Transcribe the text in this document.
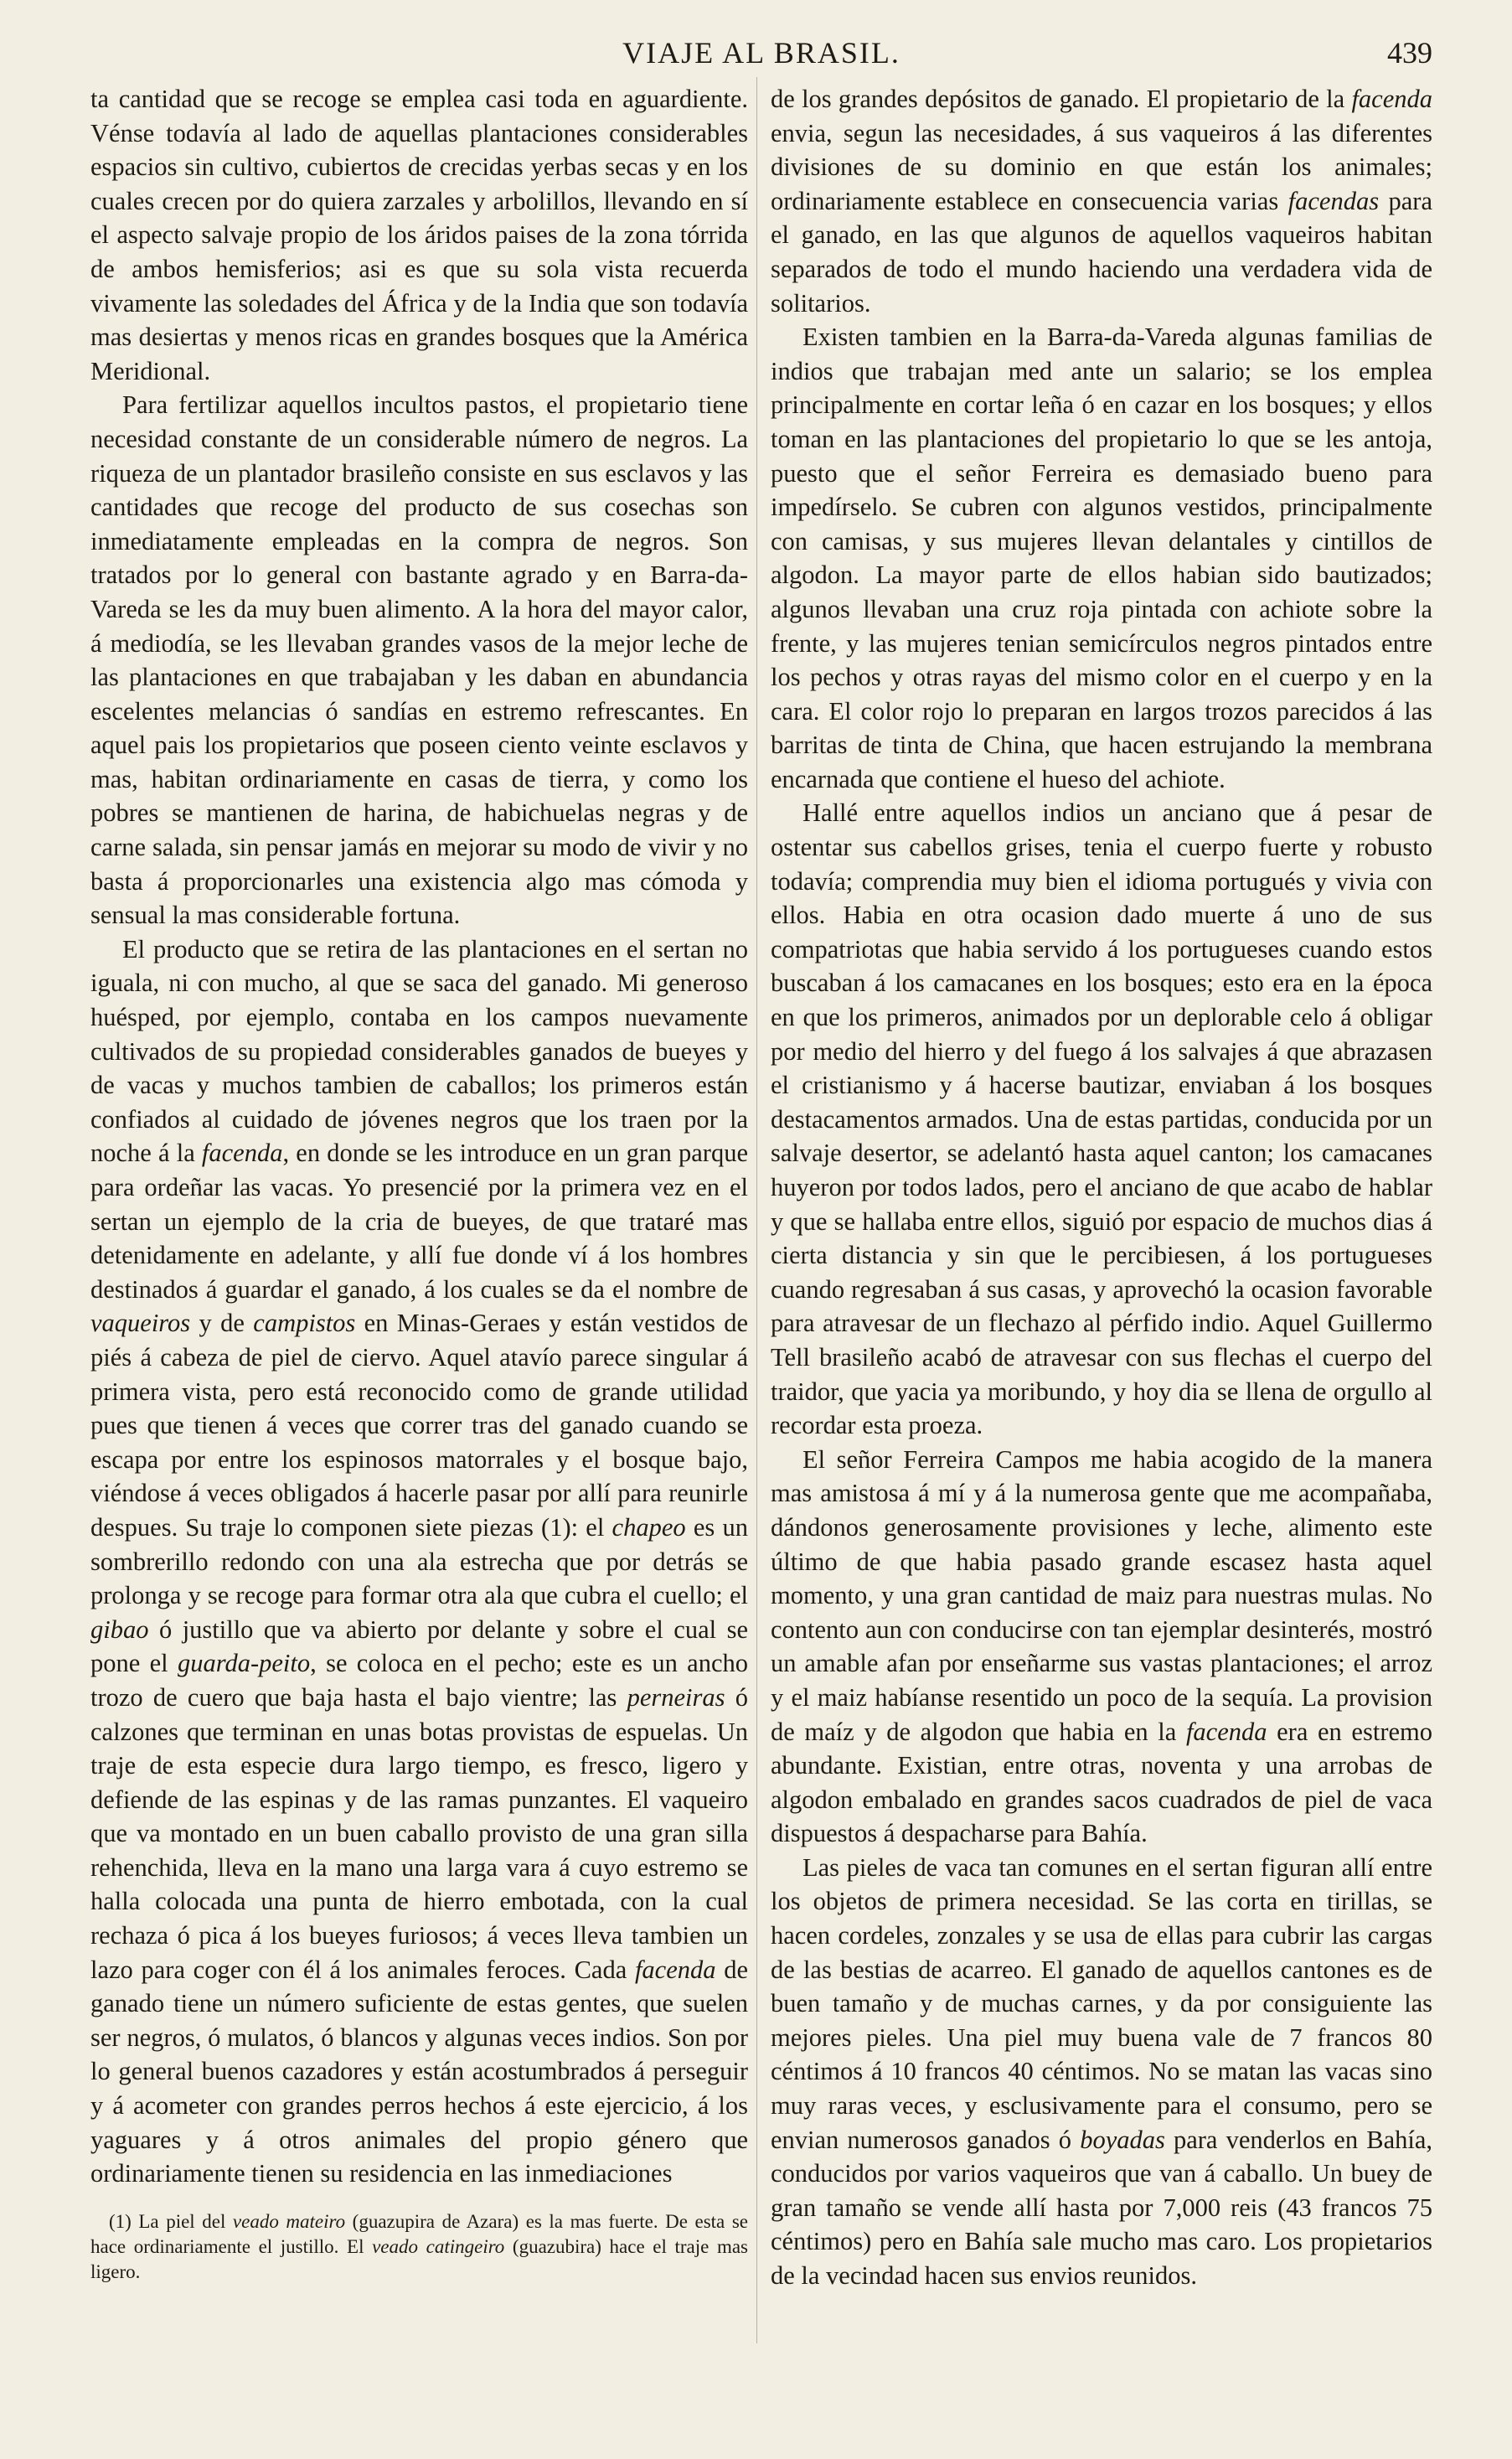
VIAJE AL BRASIL.	439

ta cantidad que se recoge se emplea casi toda en aguardiente. Vénse todavía al lado de aquellas plantaciones considerables espacios sin cultivo, cubiertos de crecidas yerbas secas y en los cuales crecen por do quiera zarzales y arbolillos, llevando en sí el aspecto salvaje propio de los áridos paises de la zona tórrida de ambos hemisferios; asi es que su sola vista recuerda vivamente las soledades del África y de la India que son todavía mas desiertas y menos ricas en grandes bosques que la América Meridional.

Para fertilizar aquellos incultos pastos, el propietario tiene necesidad constante de un considerable número de negros. La riqueza de un plantador brasileño consiste en sus esclavos y las cantidades que recoge del producto de sus cosechas son inmediatamente empleadas en la compra de negros. Son tratados por lo general con bastante agrado y en Barra-da-Vareda se les da muy buen alimento. A la hora del mayor calor, á mediodía, se les llevaban grandes vasos de la mejor leche de las plantaciones en que trabajaban y les daban en abundancia escelentes melancias ó sandías en estremo refrescantes. En aquel pais los propietarios que poseen ciento veinte esclavos y mas, habitan ordinariamente en casas de tierra, y como los pobres se mantienen de harina, de habichuelas negras y de carne salada, sin pensar jamás en mejorar su modo de vivir y no basta á proporcionarles una existencia algo mas cómoda y sensual la mas considerable fortuna.

El producto que se retira de las plantaciones en el sertan no iguala, ni con mucho, al que se saca del ganado. Mi generoso huésped, por ejemplo, contaba en los campos nuevamente cultivados de su propiedad considerables ganados de bueyes y de vacas y muchos tambien de caballos; los primeros están confiados al cuidado de jóvenes negros que los traen por la noche á la facenda, en donde se les introduce en un gran parque para ordeñar las vacas. Yo presencié por la primera vez en el sertan un ejemplo de la cria de bueyes, de que trataré mas detenidamente en adelante, y allí fue donde ví á los hombres destinados á guardar el ganado, á los cuales se da el nombre de vaqueiros y de campistos en Minas-Geraes y están vestidos de piés á cabeza de piel de ciervo. Aquel atavío parece singular á primera vista, pero está reconocido como de grande utilidad pues que tienen á veces que correr tras del ganado cuando se escapa por entre los espinosos matorrales y el bosque bajo, viéndose á veces obligados á hacerle pasar por allí para reunirle despues. Su traje lo componen siete piezas (1): el chapeo es un sombrerillo redondo con una ala estrecha que por detrás se prolonga y se recoge para formar otra ala que cubra el cuello; el gibao ó justillo que va abierto por delante y sobre el cual se pone el guarda-peito, se coloca en el pecho; este es un ancho trozo de cuero que baja hasta el bajo vientre; las perneiras ó calzones que terminan en unas botas provistas de espuelas. Un traje de esta especie dura largo tiempo, es fresco, ligero y defiende de las espinas y de las ramas punzantes. El vaqueiro que va montado en un buen caballo provisto de una gran silla rehenchida, lleva en la mano una larga vara á cuyo estremo se halla colocada una punta de hierro embotada, con la cual rechaza ó pica á los bueyes furiosos; á veces lleva tambien un lazo para coger con él á los animales feroces. Cada facenda de ganado tiene un número suficiente de estas gentes, que suelen ser negros, ó mulatos, ó blancos y algunas veces indios. Son por lo general buenos cazadores y están acostumbrados á perseguir y á acometer con grandes perros hechos á este ejercicio, á los yaguares y á otros animales del propio género que ordinariamente tienen su residencia en las inmediaciones

(1) La piel del veado mateiro (guazupira de Azara) es la mas fuerte. De esta se hace ordinariamente el justillo. El veado catingeiro (guazubira) hace el traje mas ligero.

de los grandes depósitos de ganado. El propietario de la facenda envia, segun las necesidades, á sus vaqueiros á las diferentes divisiones de su dominio en que están los animales; ordinariamente establece en consecuencia varias facendas para el ganado, en las que algunos de aquellos vaqueiros habitan separados de todo el mundo haciendo una verdadera vida de solitarios.

Existen tambien en la Barra-da-Vareda algunas familias de indios que trabajan med ante un salario; se los emplea principalmente en cortar leña ó en cazar en los bosques; y ellos toman en las plantaciones del propietario lo que se les antoja, puesto que el señor Ferreira es demasiado bueno para impedírselo. Se cubren con algunos vestidos, principalmente con camisas, y sus mujeres llevan delantales y cintillos de algodon. La mayor parte de ellos habian sido bautizados; algunos llevaban una cruz roja pintada con achiote sobre la frente, y las mujeres tenian semicírculos negros pintados entre los pechos y otras rayas del mismo color en el cuerpo y en la cara. El color rojo lo preparan en largos trozos parecidos á las barritas de tinta de China, que hacen estrujando la membrana encarnada que contiene el hueso del achiote.

Hallé entre aquellos indios un anciano que á pesar de ostentar sus cabellos grises, tenia el cuerpo fuerte y robusto todavía; comprendia muy bien el idioma portugués y vivia con ellos. Habia en otra ocasion dado muerte á uno de sus compatriotas que habia servido á los portugueses cuando estos buscaban á los camacanes en los bosques; esto era en la época en que los primeros, animados por un deplorable celo á obligar por medio del hierro y del fuego á los salvajes á que abrazasen el cristianismo y á hacerse bautizar, enviaban á los bosques destacamentos armados. Una de estas partidas, conducida por un salvaje desertor, se adelantó hasta aquel canton; los camacanes huyeron por todos lados, pero el anciano de que acabo de hablar y que se hallaba entre ellos, siguió por espacio de muchos dias á cierta distancia y sin que le percibiesen, á los portugueses cuando regresaban á sus casas, y aprovechó la ocasion favorable para atravesar de un flechazo al pérfido indio. Aquel Guillermo Tell brasileño acabó de atravesar con sus flechas el cuerpo del traidor, que yacia ya moribundo, y hoy dia se llena de orgullo al recordar esta proeza.

El señor Ferreira Campos me habia acogido de la manera mas amistosa á mí y á la numerosa gente que me acompañaba, dándonos generosamente provisiones y leche, alimento este último de que habia pasado grande escasez hasta aquel momento, y una gran cantidad de maiz para nuestras mulas. No contento aun con conducirse con tan ejemplar desinterés, mostró un amable afan por enseñarme sus vastas plantaciones; el arroz y el maiz habíanse resentido un poco de la sequía. La provision de maíz y de algodon que habia en la facenda era en estremo abundante. Existian, entre otras, noventa y una arrobas de algodon embalado en grandes sacos cuadrados de piel de vaca dispuestos á despacharse para Bahía.

Las pieles de vaca tan comunes en el sertan figuran allí entre los objetos de primera necesidad. Se las corta en tirillas, se hacen cordeles, zonzales y se usa de ellas para cubrir las cargas de las bestias de acarreo. El ganado de aquellos cantones es de buen tamaño y de muchas carnes, y da por consiguiente las mejores pieles. Una piel muy buena vale de 7 francos 80 céntimos á 10 francos 40 céntimos. No se matan las vacas sino muy raras veces, y esclusivamente para el consumo, pero se envian numerosos ganados ó boyadas para venderlos en Bahía, conducidos por varios vaqueiros que van á caballo. Un buey de gran tamaño se vende allí hasta por 7,000 reis (43 francos 75 céntimos) pero en Bahía sale mucho mas caro. Los propietarios de la vecindad hacen sus envios reunidos.
